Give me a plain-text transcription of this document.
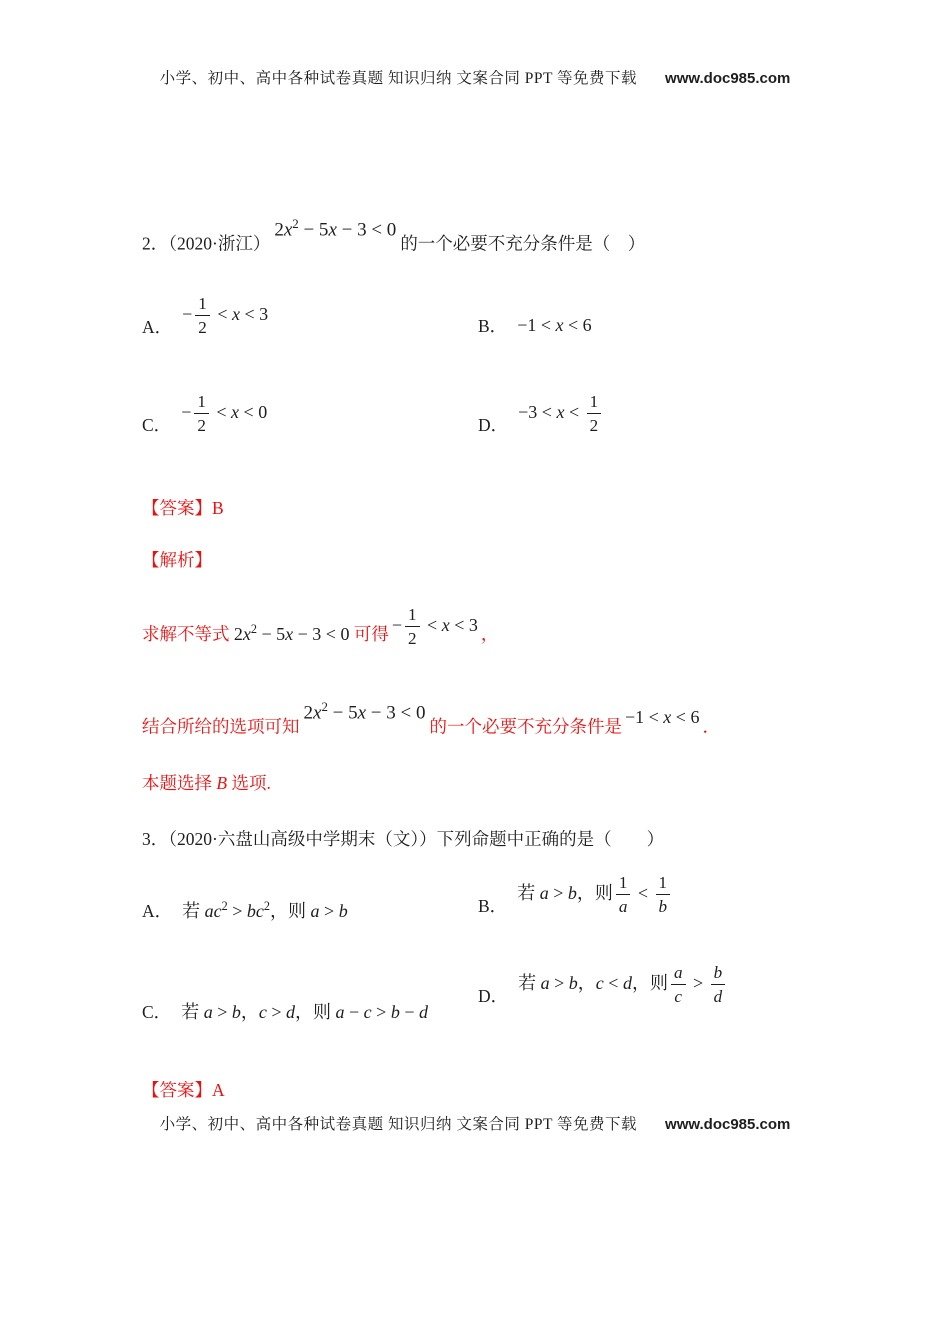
小学、初中、高中各种试卷真题 知识归纳 文案合同 PPT 等免费下载 www.doc985.com
2．（2020·浙江）$2x^2 - 5x - 3 < 0$的一个必要不充分条件是（　）
A．
− $\frac{1}{2} < x < 3$
B． −1 < x < 6
C．
− $\frac{1}{2} < x < 0$
D．
$-3 < x < \frac{1}{2}$
【答案】B
【解析】
求解不等式 $2x^2 - 5x - 3 < 0$ 可得 − $\frac{1}{2} < x < 3$ ，
结合所给的选项可知$2x^2 - 5x - 3 < 0$的一个必要不充分条件是 −1 < x < 6 ．
本题选择 B 选项.
3．（2020·六盘山高级中学期末（文））下列命题中正确的是（　　）
A． 若 $ac^2 > bc^2$，则 a > b	B．
若 a > b，则 $\frac{1}{a} < \frac{1}{b}$
C． 若 a > b，c > d，则 a − c > b − d
D．
若 a > b，c < d，则 $\frac{a}{c} > \frac{b}{d}$
【答案】A
小学、初中、高中各种试卷真题 知识归纳 文案合同 PPT 等免费下载 www.doc985.com
